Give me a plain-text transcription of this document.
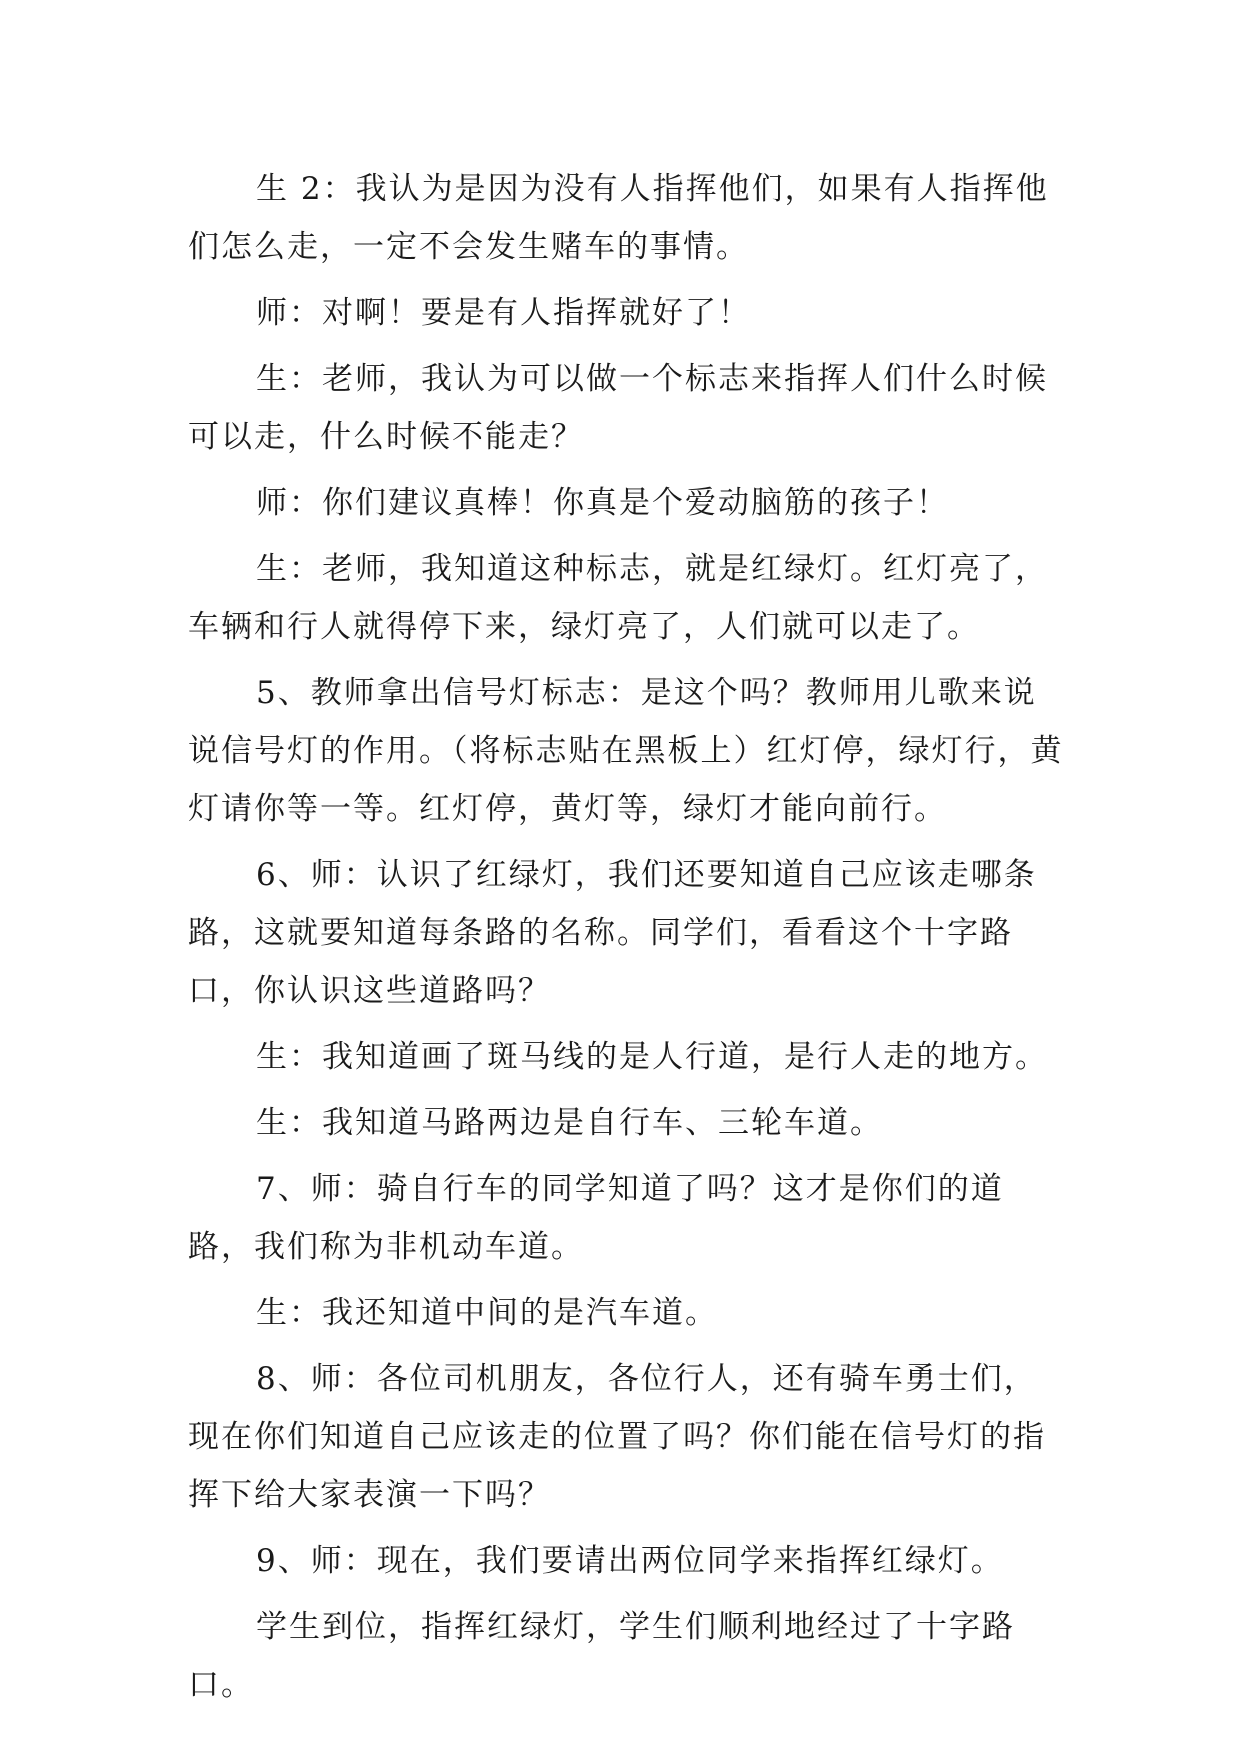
生 2：我认为是因为没有人指挥他们，如果有人指挥他们怎么走，一定不会发生赌车的事情。

师：对啊！要是有人指挥就好了！

生：老师，我认为可以做一个标志来指挥人们什么时候可以走，什么时候不能走？

师：你们建议真棒！你真是个爱动脑筋的孩子！

生：老师，我知道这种标志，就是红绿灯。红灯亮了，车辆和行人就得停下来，绿灯亮了，人们就可以走了。

5、教师拿出信号灯标志：是这个吗？教师用儿歌来说说信号灯的作用。（将标志贴在黑板上）红灯停，绿灯行，黄灯请你等一等。红灯停，黄灯等，绿灯才能向前行。

6、师：认识了红绿灯，我们还要知道自己应该走哪条路，这就要知道每条路的名称。同学们，看看这个十字路口，你认识这些道路吗？

生：我知道画了斑马线的是人行道，是行人走的地方。

生：我知道马路两边是自行车、三轮车道。

7、师：骑自行车的同学知道了吗？这才是你们的道路，我们称为非机动车道。

生：我还知道中间的是汽车道。

8、师：各位司机朋友，各位行人，还有骑车勇士们，现在你们知道自己应该走的位置了吗？你们能在信号灯的指挥下给大家表演一下吗？

9、师：现在，我们要请出两位同学来指挥红绿灯。

学生到位，指挥红绿灯，学生们顺利地经过了十字路口。
